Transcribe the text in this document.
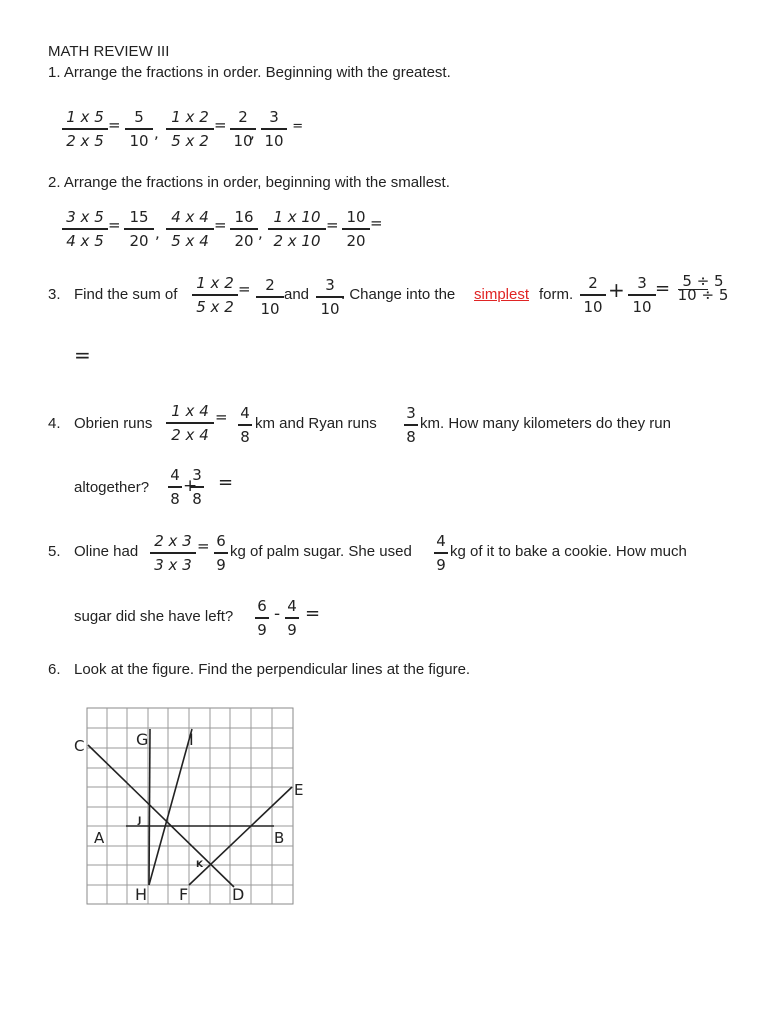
MATH REVIEW III
1. Arrange the fractions in order. Beginning with the greatest.
1 x 5
2 x 5
= 5
10 ,
1 x 2
5 x 2
= 2
10
,
3
10
. =
2. Arrange the fractions in order, beginning with the smallest.
3 x 5
4 x 5
= 15
20 ,
4 x 4
5 x 4
= 16
20 ,
1 x 10
2 x 10
= 10
20
=
3. Find the sum of
1 x 2
5 x 2
= 2
10
and
3
10
. Change into the simplest form.
2
10
+ 3
10
= 5 ÷ 5
10 ÷ 5
=
4. Obrien runs
1 x 4
2 x 4
= 4
8
km and Ryan runs
3
8
km. How many kilometers do they run
altogether?
4
8
+
3
8
=
5. Oline had
2 x 3
3 x 3
= 6
9
kg of palm sugar. She used
4
9
kg of it to bake a cookie. How much
sugar did she have left?
6
9
- 4
9
=
6. Look at the figure. Find the perpendicular lines at the figure.
C	G	I
E
J
A	B
K
H F	D
